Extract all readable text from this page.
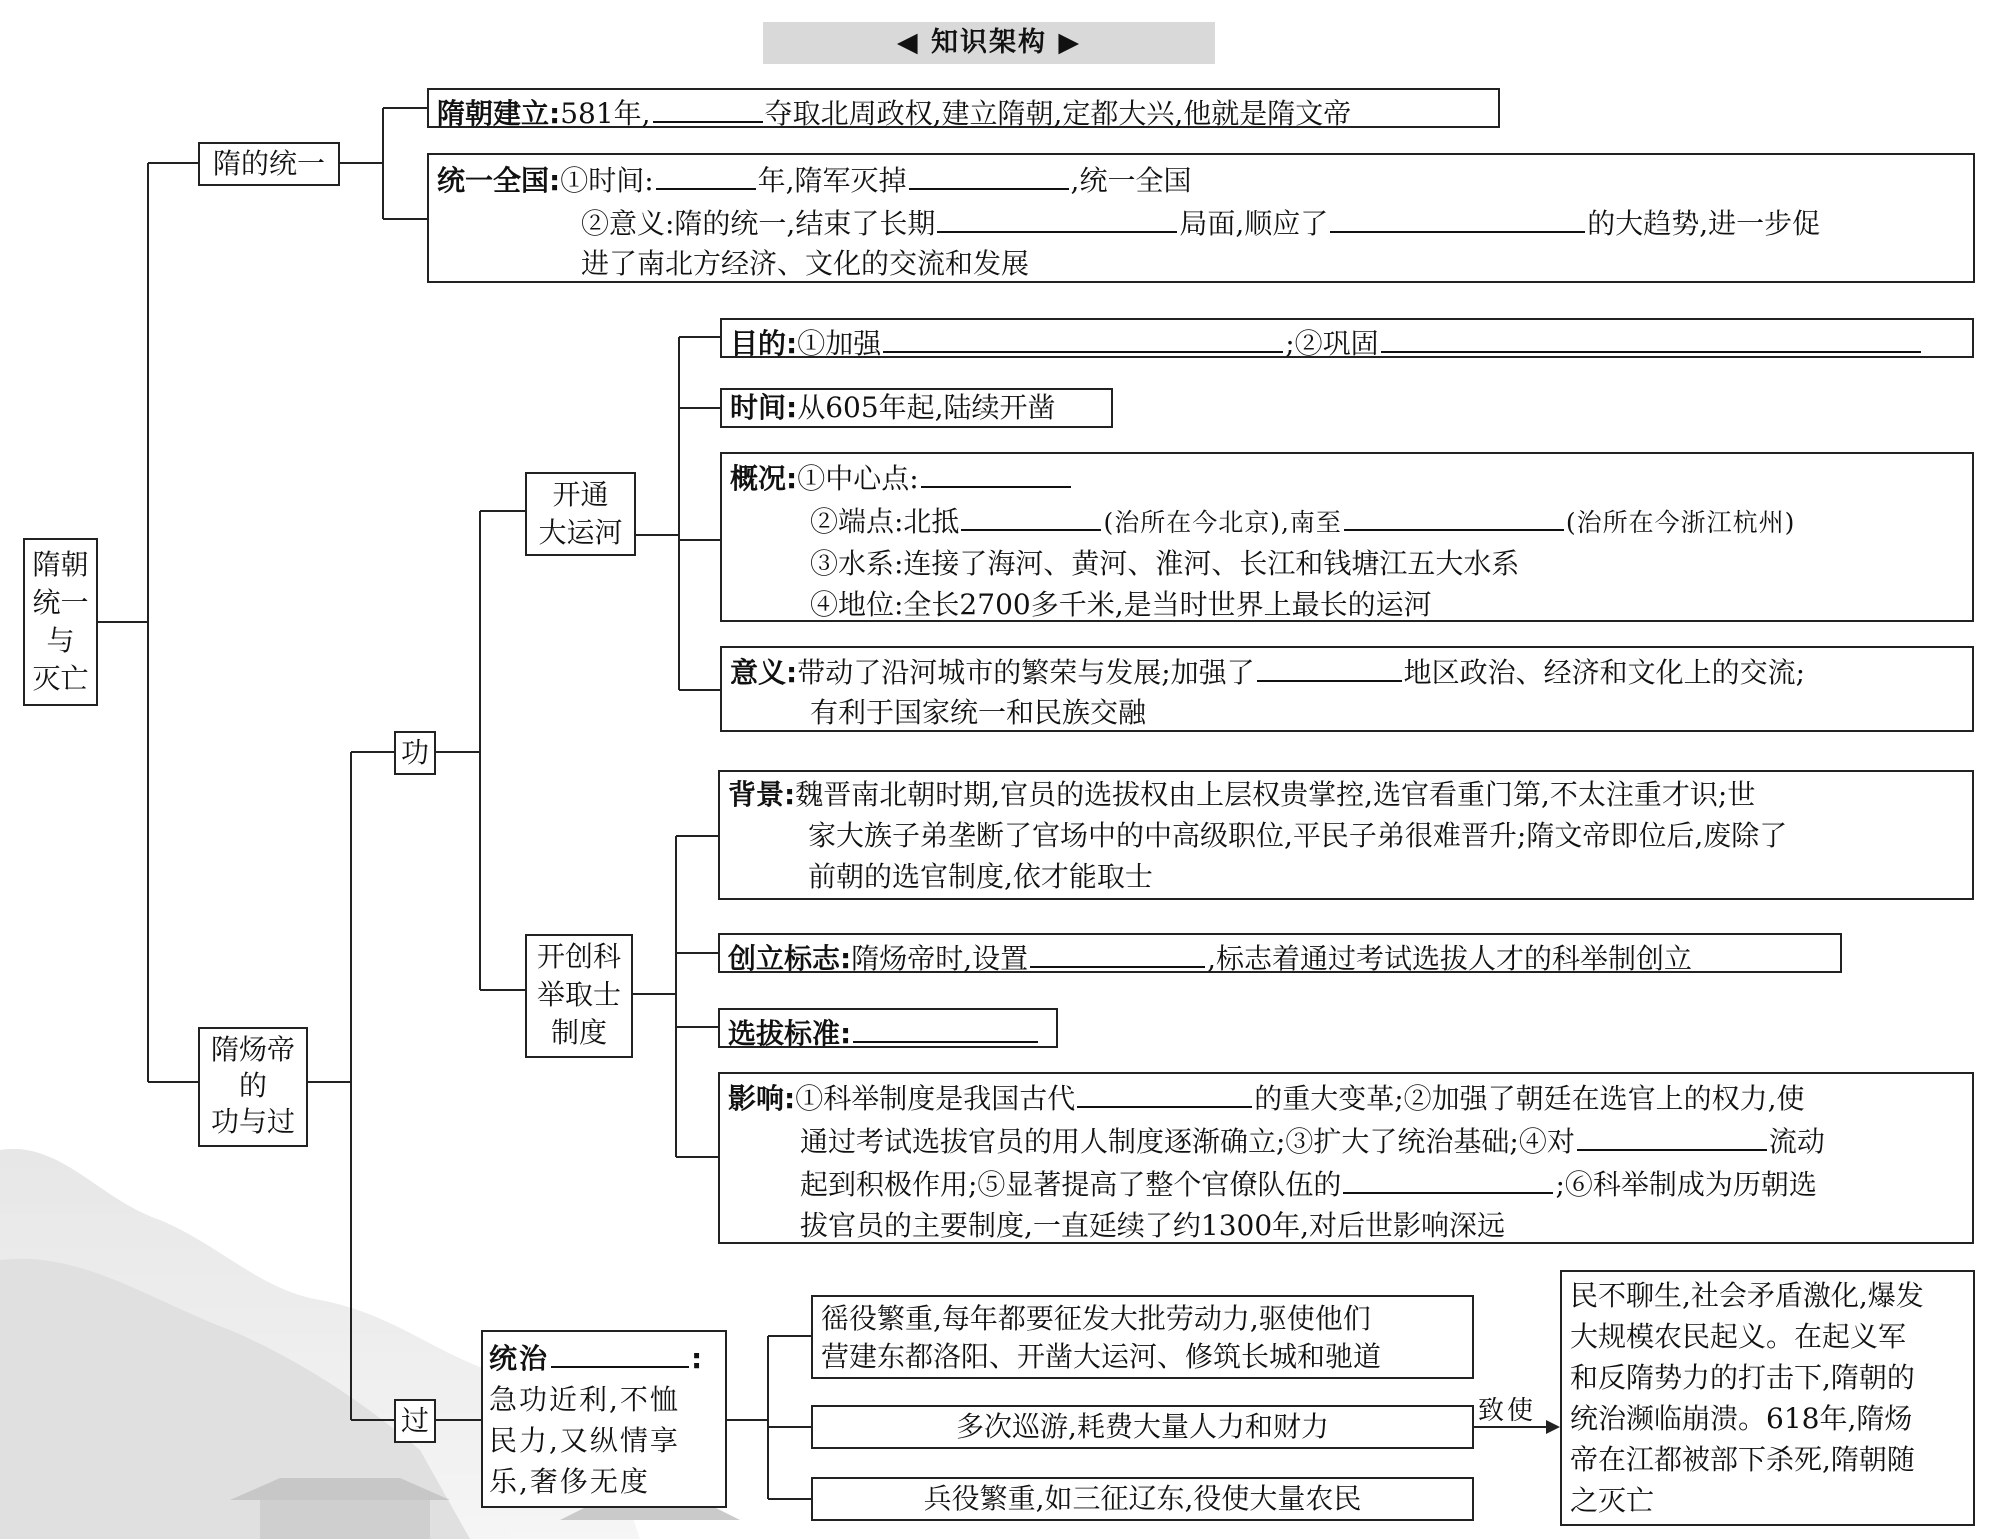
◀ 知识架构 ▶
隋朝
统一
与
灭亡
隋的统一
隋朝建立:581年,	夺取北周政权,建立隋朝,定都大兴,他就是隋文帝
统一全国:①时间:	年,隋军灭掉	,统一全国
②意义:隋的统一,结束了长期	局面,顺应了	的大趋势,进一步促
进了南北方经济、文化的交流和发展
隋炀帝
的
功与过
功
过
开通
大运河
目的:①加强	;②巩固
时间:从605年起,陆续开凿
概况:①中心点:
②端点:北抵	(治所在今北京),南至	(治所在今浙江杭州)
③水系:连接了海河、黄河、淮河、长江和钱塘江五大水系
④地位:全长2700多千米,是当时世界上最长的运河
意义:带动了沿河城市的繁荣与发展;加强了	地区政治、经济和文化上的交流;
有利于国家统一和民族交融
开创科
举取士
制度
背景:魏晋南北朝时期,官员的选拔权由上层权贵掌控,选官看重门第,不太注重才识;世
家大族子弟垄断了官场中的中高级职位,平民子弟很难晋升;隋文帝即位后,废除了
前朝的选官制度,依才能取士
创立标志:隋炀帝时,设置	,标志着通过考试选拔人才的科举制创立
选拔标准:
影响:①科举制度是我国古代	的重大变革;②加强了朝廷在选官上的权力,使
通过考试选拔官员的用人制度逐渐确立;③扩大了统治基础;④对	流动
起到积极作用;⑤显著提高了整个官僚队伍的	;⑥科举制成为历朝选
拔官员的主要制度,一直延续了约1300年,对后世影响深远
统治	:
急功近利,不恤
民力,又纵情享
乐,奢侈无度
徭役繁重,每年都要征发大批劳动力,驱使他们
营建东都洛阳、开凿大运河、修筑长城和驰道
多次巡游,耗费大量人力和财力
兵役繁重,如三征辽东,役使大量农民
致使
民不聊生,社会矛盾激化,爆发
大规模农民起义。在起义军
和反隋势力的打击下,隋朝的
统治濒临崩溃。618年,隋炀
帝在江都被部下杀死,隋朝随
之灭亡
